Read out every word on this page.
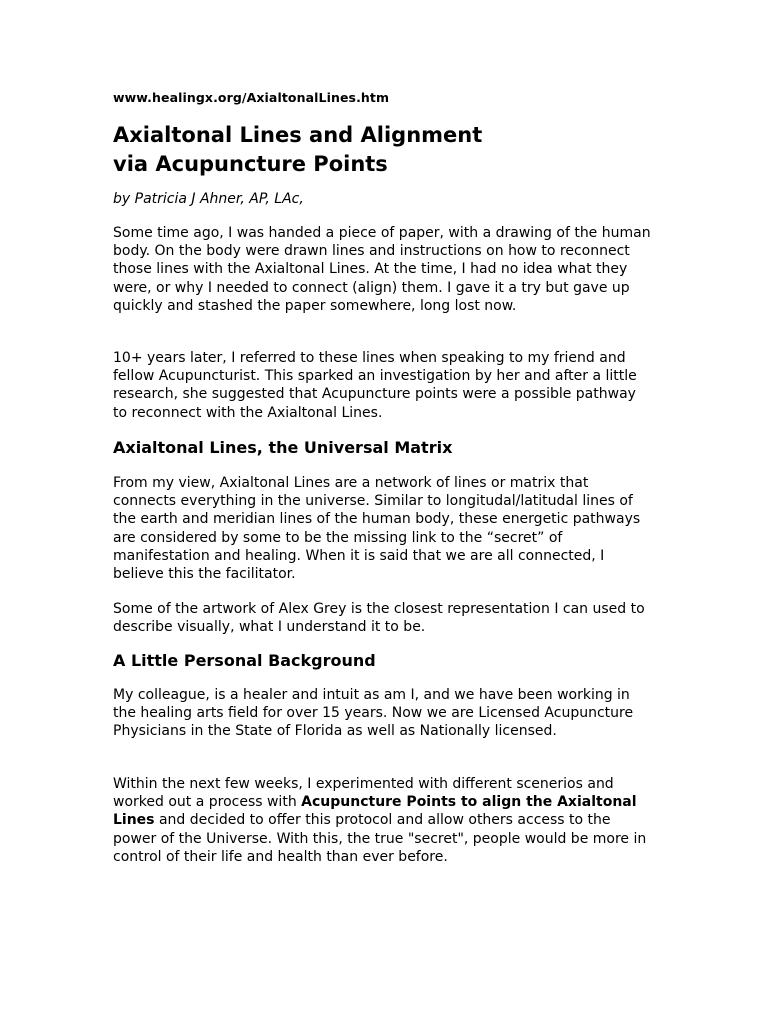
www.healingx.org/AxialtonalLines.htm
Axialtonal Lines and Alignment
via Acupuncture Points
by Patricia J Ahner, AP, LAc,

Some time ago, I was handed a piece of paper, with a drawing of the human body. On the body were drawn lines and instructions on how to reconnect those lines with the Axialtonal Lines. At the time, I had no idea what they were, or why I needed to connect (align) them. I gave it a try but gave up quickly and stashed the paper somewhere, long lost now.

10+ years later, I referred to these lines when speaking to my friend and fellow Acupuncturist. This sparked an investigation by her and after a little research, she suggested that Acupuncture points were a possible pathway to reconnect with the Axialtonal Lines.

Axialtonal Lines, the Universal Matrix

From my view, Axialtonal Lines are a network of lines or matrix that connects everything in the universe. Similar to longitudal/latitudal lines of the earth and meridian lines of the human body, these energetic pathways are considered by some to be the missing link to the “secret” of manifestation and healing. When it is said that we are all connected, I believe this the facilitator.

Some of the artwork of Alex Grey is the closest representation I can used to describe visually, what I understand it to be.

A Little Personal Background

My colleague, is a healer and intuit as am I, and we have been working in the healing arts field for over 15 years. Now we are Licensed Acupuncture Physicians in the State of Florida as well as Nationally licensed.

Within the next few weeks, I experimented with different scenerios and worked out a process with Acupuncture Points to align the Axialtonal Lines and decided to offer this protocol and allow others access to the power of the Universe. With this, the true "secret", people would be more in control of their life and health than ever before.
